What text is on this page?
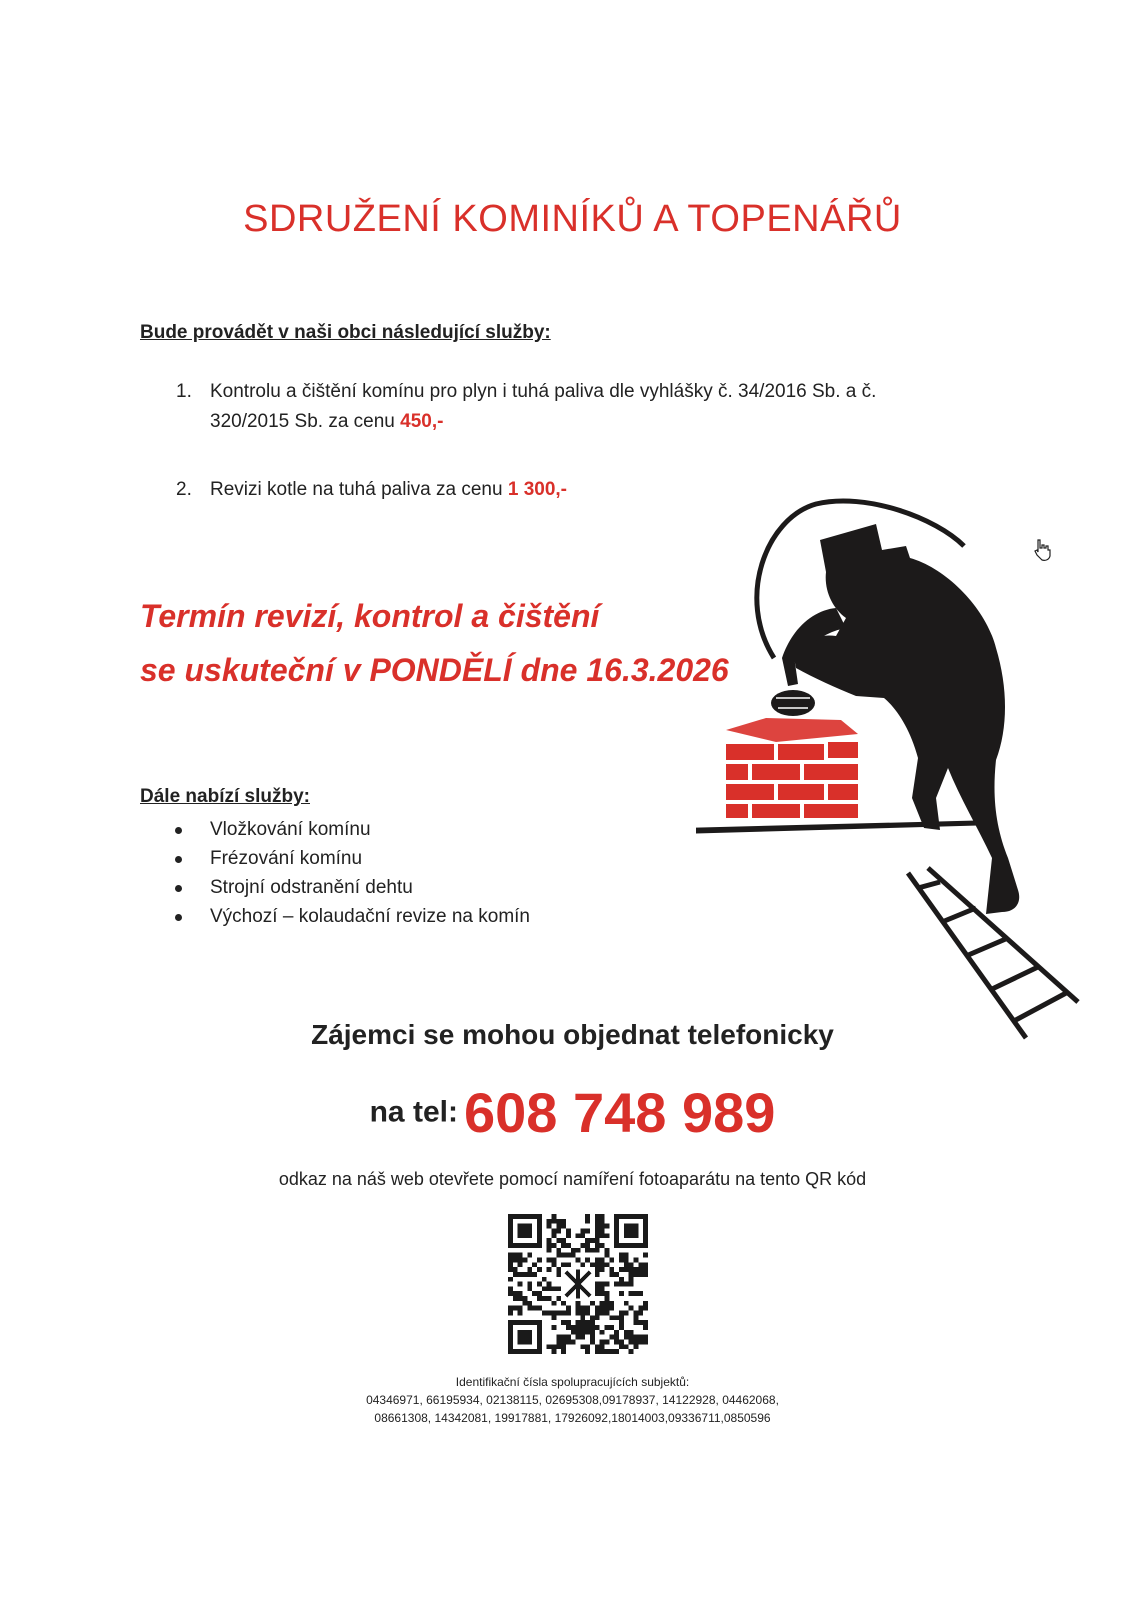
SDRUŽENÍ KOMINÍKŮ A TOPENÁŘŮ
Bude provádět v naši obci následující služby:
1. Kontrolu a čištění komínu pro plyn i tuhá paliva dle vyhlášky č. 34/2016 Sb. a č. 320/2015 Sb. za cenu 450,-
2. Revizi kotle na tuhá paliva za cenu 1 300,-
Termín revizí, kontrol a čištění
se uskuteční v PONDĚLÍ dne 16.3.2026
Dále nabízí služby:
Vložkování komínu
Frézování komínu
Strojní odstranění dehtu
Výchozí – kolaudační revize na komín
Zájemci se mohou objednat telefonicky
na tel: 608 748 989
odkaz na náš web otevřete pomocí namíření fotoaparátu na tento QR kód
Identifikační čísla spolupracujících subjektů:
04346971, 66195934, 02138115, 02695308,09178937, 14122928, 04462068,
08661308, 14342081, 19917881, 17926092,18014003,09336711,0850596
